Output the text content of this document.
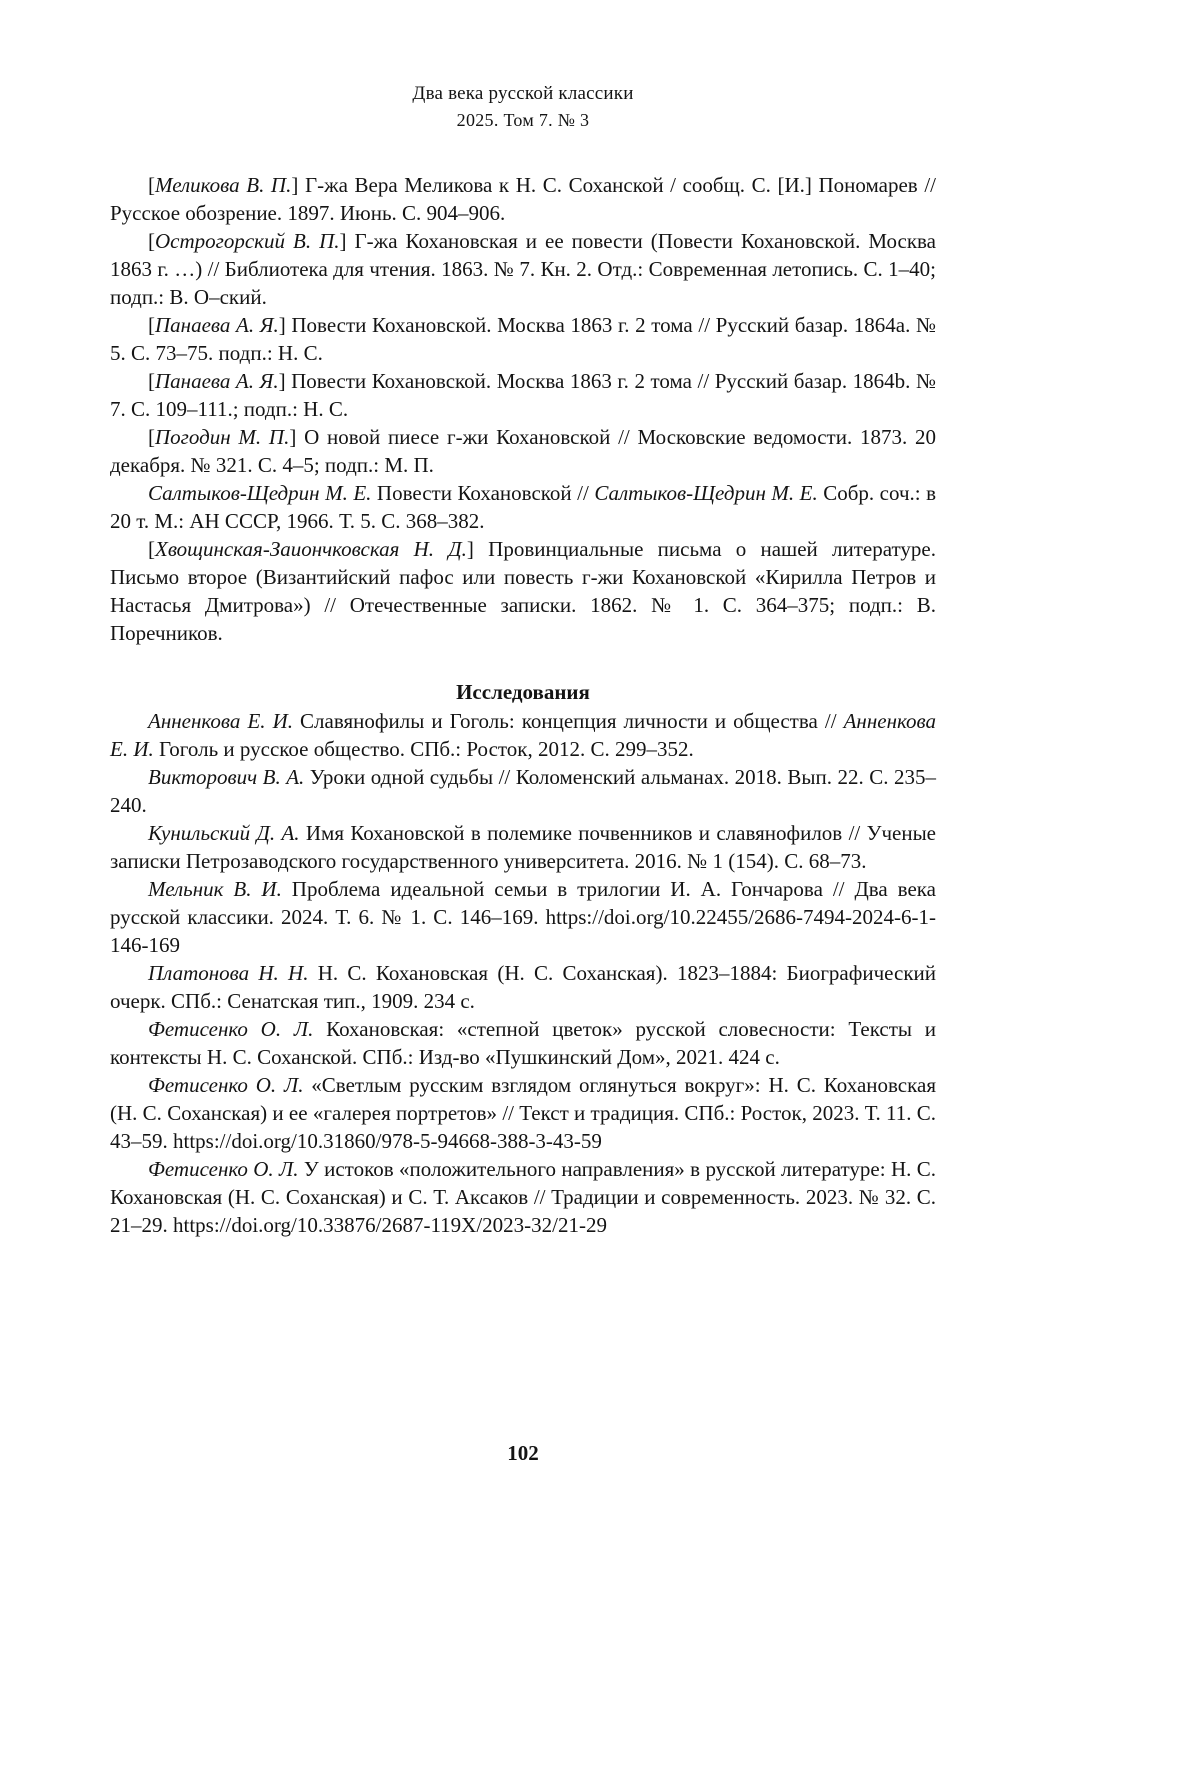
Два века русской классики
2025. Том 7. № 3

[Меликова В. П.] Г-жа Вера Меликова к Н. С. Соханской / сообщ. С. [И.] Пономарев // Русское обозрение. 1897. Июнь. С. 904–906.

[Острогорский В. П.] Г-жа Кохановская и ее повести (Повести Кохановской. Москва 1863 г. …) // Библиотека для чтения. 1863. № 7. Кн. 2. Отд.: Современная летопись. С. 1–40; подп.: В. О–ский.

[Панаева А. Я.] Повести Кохановской. Москва 1863 г. 2 тома // Русский базар. 1864a. № 5. С. 73–75. подп.: Н. С.

[Панаева А. Я.] Повести Кохановской. Москва 1863 г. 2 тома // Русский базар. 1864b. № 7. С. 109–111.; подп.: Н. С.

[Погодин М. П.] О новой пиесе г-жи Кохановской // Московские ведомости. 1873. 20 декабря. № 321. С. 4–5; подп.: М. П.

Салтыков-Щедрин М. Е. Повести Кохановской // Салтыков-Щедрин М. Е. Собр. соч.: в 20 т. М.: АН СССР, 1966. Т. 5. С. 368–382.

[Хвощинская-Заиончковская Н. Д.] Провинциальные письма о нашей литературе. Письмо второе (Византийский пафос или повесть г-жи Кохановской «Кирилла Петров и Настасья Дмитрова») // Отечественные записки. 1862. № 1. С. 364–375; подп.: В. Поречников.

Исследования

Анненкова Е. И. Славянофилы и Гоголь: концепция личности и общества // Анненкова Е. И. Гоголь и русское общество. СПб.: Росток, 2012. С. 299–352.

Викторович В. А. Уроки одной судьбы // Коломенский альманах. 2018. Вып. 22. С. 235–240.

Кунильский Д. А. Имя Кохановской в полемике почвенников и славянофилов // Ученые записки Петрозаводского государственного университета. 2016. № 1 (154). С. 68–73.

Мельник В. И. Проблема идеальной семьи в трилогии И. А. Гончарова // Два века русской классики. 2024. Т. 6. № 1. С. 146–169. https://doi.org/10.22455/2686-7494-2024-6-1-146-169

Платонова Н. Н. Н. С. Кохановская (Н. С. Соханская). 1823–1884: Биографический очерк. СПб.: Сенатская тип., 1909. 234 с.

Фетисенко О. Л. Кохановская: «степной цветок» русской словесности: Тексты и контексты Н. С. Соханской. СПб.: Изд-во «Пушкинский Дом», 2021. 424 с.

Фетисенко О. Л. «Светлым русским взглядом оглянуться вокруг»: Н. С. Кохановская (Н. С. Соханская) и ее «галерея портретов» // Текст и традиция. СПб.: Росток, 2023. Т. 11. С. 43–59. https://doi.org/10.31860/978-5-94668-388-3-43-59

Фетисенко О. Л. У истоков «положительного направления» в русской литературе: Н. С. Кохановская (Н. С. Соханская) и С. Т. Аксаков // Традиции и современность. 2023. № 32. С. 21–29. https://doi.org/10.33876/2687-119X/2023-32/21-29

102
